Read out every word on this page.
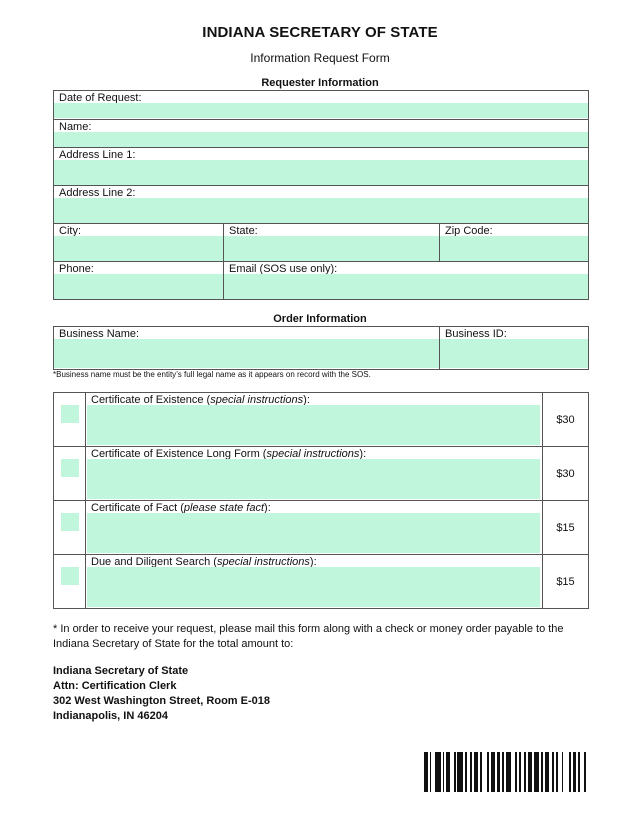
INDIANA SECRETARY OF STATE
Information Request Form
Requester Information
Date of Request:		

Name:		

Address Line 1:		

Address Line 2:		

City:	State:	Zip Code:

Phone:	Email (SOS use only):	
Order Information
Business Name:	Business ID:
*Business name must be the entity’s full legal name as it appears on record with the SOS.

	Certificate of Existence (special instructions):	$30

	Certificate of Existence Long Form (special instructions):	$30

	Certificate of Fact (please state fact):	$15

	Due and Diligent Search (special instructions):	$15
* In order to receive your request, please mail this form along with a check or money order payable to the Indiana Secretary of State for the total amount to:
Indiana Secretary of State
Attn: Certification Clerk
302 West Washington Street, Room E-018
Indianapolis, IN 46204
